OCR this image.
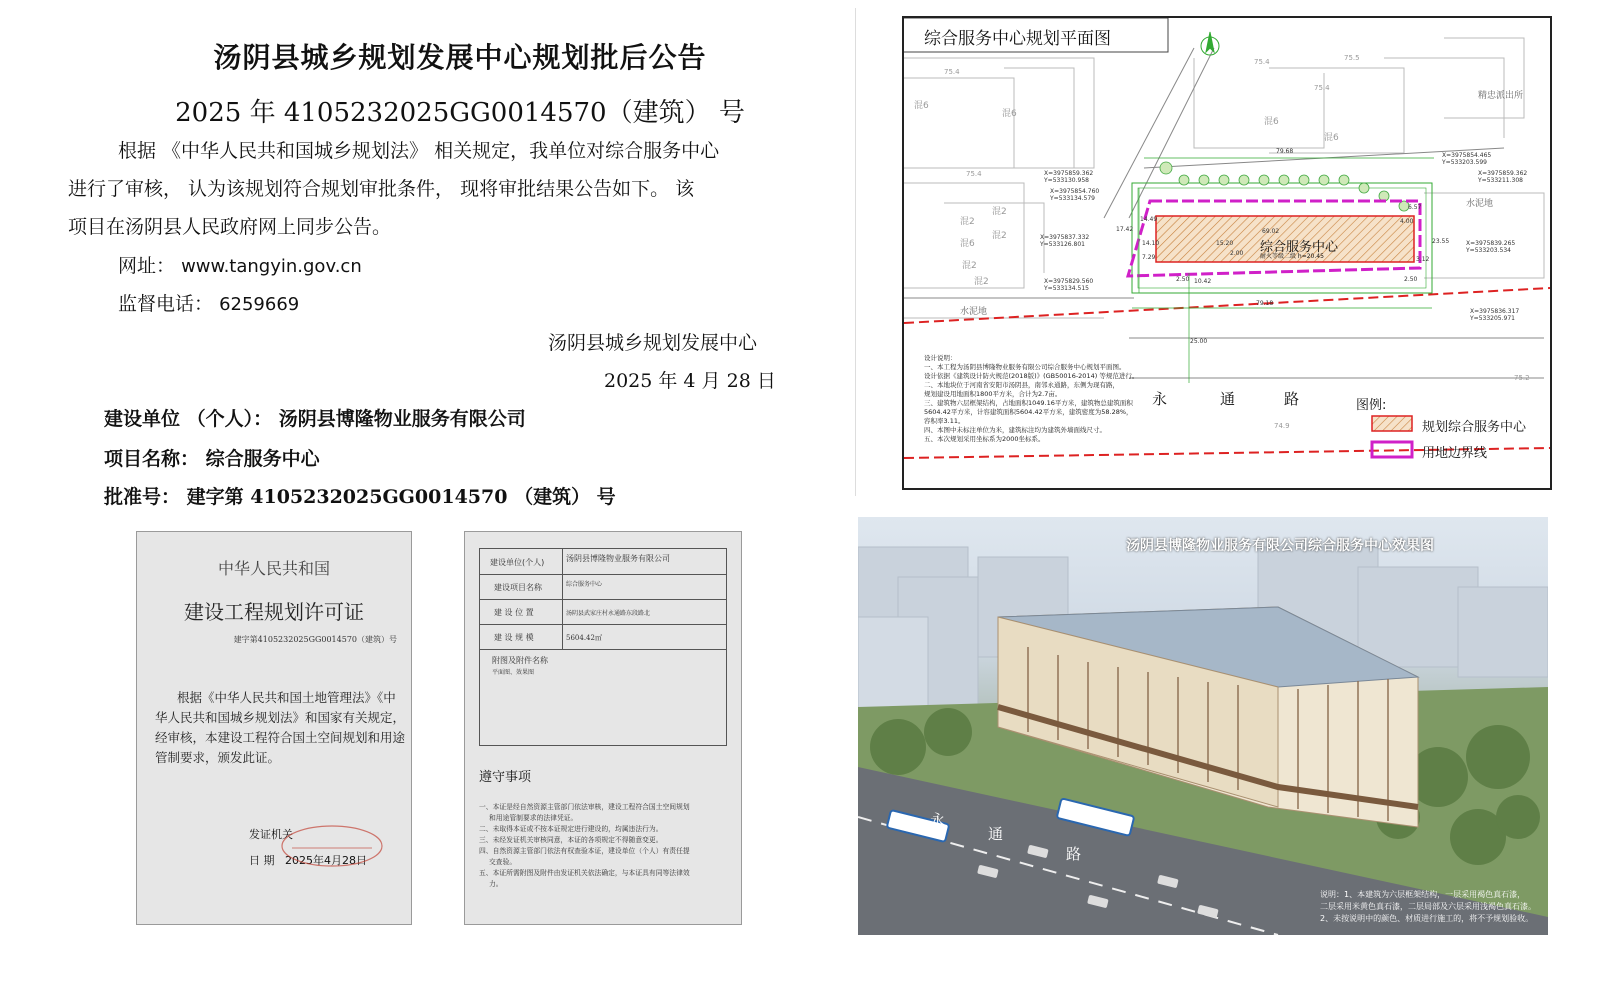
汤阴县城乡规划发展中心规划批后公告
2025 年 4105232025GG0014570（建筑） 号
根据 《中华人民共和国城乡规划法》 相关规定，我单位对综合服务中心
进行了审核， 认为该规划符合规划审批条件， 现将审批结果公告如下。 该
项目在汤阴县人民政府网上同步公告。
网址： www.tangyin.gov.cn
监督电话： 6259669
汤阴县城乡规划发展中心
2025 年 4 月 28 日
建设单位 （个人）： 汤阴县博隆物业服务有限公司
项目名称： 综合服务中心
批准号： 建字第 4105232025GG0014570 （建筑） 号
中华人民共和国
建设工程规划许可证
建字第4105232025GG0014570（建筑）号
根据《中华人民共和国土地管理法》《中
华人民共和国城乡规划法》和国家有关规定，
经审核，本建设工程符合国土空间规划和用途
管制要求，颁发此证。
发证机关
日 期 2025年4月28日
建设单位(个人)	汤阴县博隆物业服务有限公司
建设项目名称	综合服务中心
建 设 位 置	汤阴县武家庄村永通路东段路北
建 设 规 模	5604.42㎡
附图及附件名称
平面图、效果图
遵守事项
一、本证是经自然资源主管部门依法审核，建设工程符合国土空间规划
和用途管制要求的法律凭证。
二、未取得本证或不按本证规定进行建设的，均属违法行为。
三、未经发证机关审核同意，本证的各项规定不得随意变更。
四、自然资源主管部门依法有权查验本证，建设单位（个人）有责任提
交查验。
五、本证所需附图及附件由发证机关依法确定，与本证具有同等法律效
力。
综合服务中心规划平面图
综合服务中心
耐火等级二级 h=20.45
永	通	路	图例:
规划综合服务中心
用地边界线
精忠派出所
水泥地
水泥地
79.68
69.02
79.18
15.20
25.00
14.49
14.10
7.29
10.42
23.55
6.57
3.12
2.50	2.50
2.00
4.00
17.42
X=3975859.362
Y=533130.958
X=3975854.760
Y=533134.579
X=3975837.332
Y=533126.801
X=3975829.560
Y=533134.515
X=3975854.465
Y=533203.599
X=3975859.362
Y=533211.308
X=3975839.265
Y=533203.534
X=3975836.317
Y=533205.971
75.4
75.5
75.4
75.4
75.4
75.2
74.9
混6
混6
混6
混2
混2
混2
混2
混6
混6
混2
设计说明：
一、本工程为汤阴县博隆物业服务有限公司综合服务中心规划平面图。
设计依据《建筑设计防火规范(2018版)》(GB50016-2014) 等规范进行。
二、本地块位于河南省安阳市汤阴县，南邻永通路，东侧为现有路，
规划建设用地面积1800平方米，合计为2.7亩。
三、建筑物六层框架结构，占地面积1049.16平方米，建筑物总建筑面积
5604.42平方米，计容建筑面积5604.42平方米，建筑密度为58.28%，
容积率3.11。
四、本图中未标注单位为米，建筑标注均为建筑外墙面线尺寸。
五、本次规划采用坐标系为2000坐标系。
汤阴县博隆物业服务有限公司综合服务中心效果图
永
通
路
说明：1、本建筑为六层框架结构，一层采用褐色真石漆，
二层采用米黄色真石漆，二层局部及六层采用浅褐色真石漆。
2、未按说明中的颜色、材质进行施工的，将不予规划验收。
